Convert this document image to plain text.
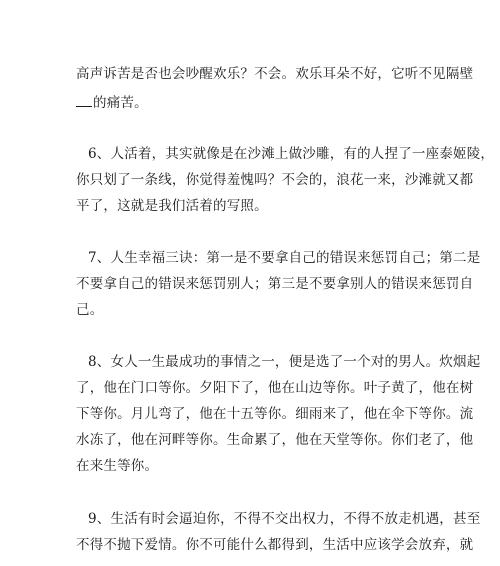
高声诉苦是否也会吵醒欢乐？不会。欢乐耳朵不好，它听不见隔壁

的痛苦。

6、人活着，其实就像是在沙滩上做沙雕，有的人捏了一座泰姬陵，

你只划了一条线，你觉得羞愧吗？不会的，浪花一来，沙滩就又都

平了，这就是我们活着的写照。

7、人生幸福三诀：第一是不要拿自己的错误来惩罚自己；第二是

不要拿自己的错误来惩罚别人；第三是不要拿别人的错误来惩罚自

己。

8、女人一生最成功的事情之一，便是选了一个对的男人。炊烟起

了，他在门口等你。夕阳下了，他在山边等你。叶子黄了，他在树

下等你。月儿弯了，他在十五等你。细雨来了，他在伞下等你。流

水冻了，他在河畔等你。生命累了，他在天堂等你。你们老了，他

在来生等你。

9、生活有时会逼迫你，不得不交出权力，不得不放走机遇，甚至

不得不抛下爱情。你不可能什么都得到，生活中应该学会放弃，就
